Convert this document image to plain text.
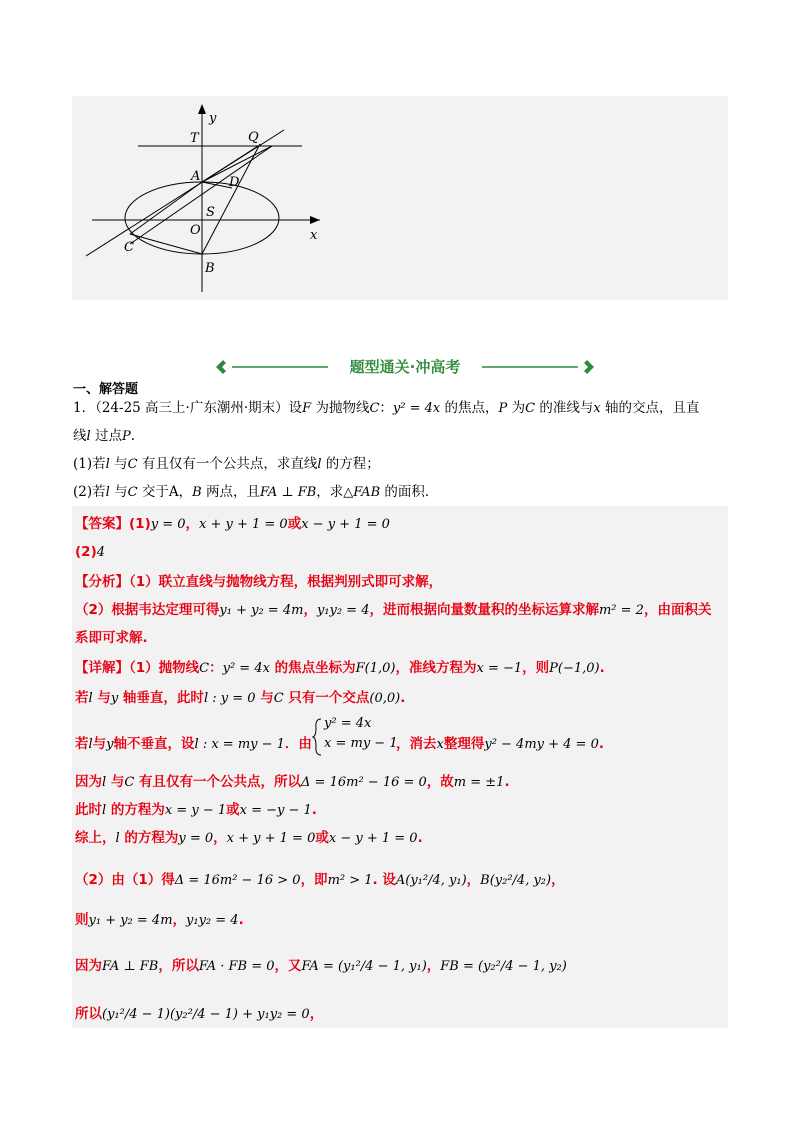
y
x
T	Q
A D
S
O
C
B
题型通关·冲高考
一、解答题
1．（24-25 高三上·广东潮州·期末）设F 为抛物线C：y² = 4x 的焦点，P 为C 的准线与x 轴的交点，且直
线l 过点P.
(1)若l 与C 有且仅有一个公共点，求直线l 的方程；
(2)若l 与C 交于A，B 两点，且FA ⊥ FB，求△FAB 的面积．
【答案】(1)y = 0，x + y + 1 = 0或x − y + 1 = 0
(2)4
【分析】（1）联立直线与抛物线方程，根据判别式即可求解，
（2）根据韦达定理可得y₁ + y₂ = 4m，y₁y₂ = 4，进而根据向量数量积的坐标运算求解m² = 2，由面积关
系即可求解.
【详解】（1）抛物线C：y² = 4x 的焦点坐标为F(1,0)，准线方程为x = −1，则P(−1,0).
若l 与y 轴垂直，此时l : y = 0 与C 只有一个交点(0,0).
若l与y轴不垂直，设l : x = my − 1．由
y² = 4x
x = my − 1
，消去x整理得y² − 4my + 4 = 0.
因为l 与C 有且仅有一个公共点，所以Δ = 16m² − 16 = 0，故m = ±1.
此时l 的方程为x = y − 1或x = −y − 1.
综上，l 的方程为y = 0，x + y + 1 = 0或x − y + 1 = 0.
（2）由（1）得Δ = 16m² − 16 > 0，即m² > 1. 设A(y₁²/4, y₁)，B(y₂²/4, y₂)，
则y₁ + y₂ = 4m，y₁y₂ = 4.
因为FA ⊥ FB，所以FA · FB = 0，又FA = (y₁²/4 − 1, y₁)，FB = (y₂²/4 − 1, y₂)
所以(y₁²/4 − 1)(y₂²/4 − 1) + y₁y₂ = 0，
